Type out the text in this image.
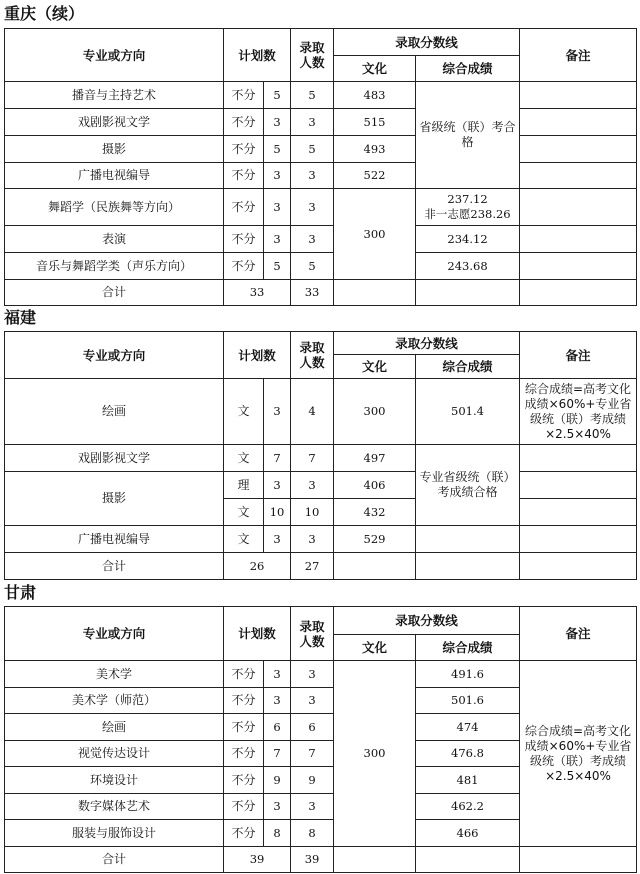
重庆（续）
专业或方向	计划数		录取人数	录取分数线		备注
				文化	综合成绩	
播音与主持艺术	不分	5	5	483	省级统（联）考合格	

戏剧影视文学	不分	3	3	515		
摄影	不分	5	5	493		
广播电视编导	不分	3	3	522		
舞蹈学（民族舞等方向）	不分	3	3	300	237.12
非一志愿238.26	

表演	不分	3	3		234.12	
音乐与舞蹈学类（声乐方向）	不分	5	5		243.68	
合计	33		33			
福建
专业或方向	计划数		录取人数	录取分数线		备注
				文化	综合成绩	
绘画	文	3	4	300	501.4	综合成绩=高考文化成绩×60%+专业省级统（联）考成绩×2.5×40%

戏剧影视文学	文	7	7	497	专业省级统（联）考成绩合格	

摄影	理	3	3	406		
	文	10	10	432		
广播电视编导	文	3	3	529		
合计	26		27			
甘肃
专业或方向	计划数		录取人数	录取分数线		备注
				文化	综合成绩	
美术学	不分	3	3	300	491.6	综合成绩=高考文化成绩×60%+专业省级统（联）考成绩×2.5×40%

美术学（师范）	不分	3	3		501.6	
绘画	不分	6	6		474	
视觉传达设计	不分	7	7		476.8	
环境设计	不分	9	9		481	
数字媒体艺术	不分	3	3		462.2	
服装与服饰设计	不分	8	8		466	
合计	39		39			
